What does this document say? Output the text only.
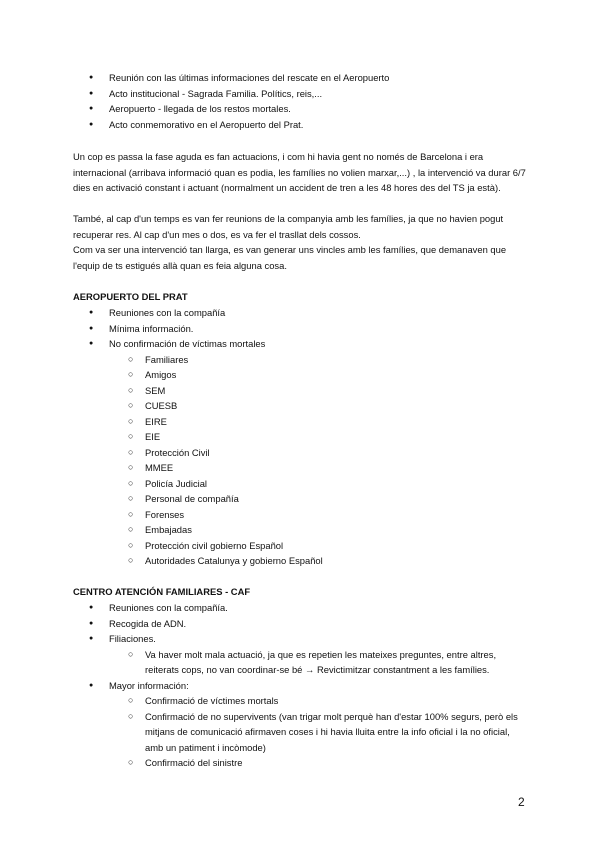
● Reunión con las últimas informaciones del rescate en el Aeropuerto
● Acto institucional - Sagrada Familia. Polítics, reis,...
● Aeropuerto - llegada de los restos mortales.
● Acto conmemorativo en el Aeropuerto del Prat.

Un cop es passa la fase aguda es fan actuacions, i com hi havia gent no només de Barcelona i era internacional (arribava informació quan es podia, les famílies no volien marxar,...) , la intervenció va durar 6/7 dies en activació constant i actuant (normalment un accident de tren a les 48 hores des del TS ja està).

També, al cap d'un temps es van fer reunions de la companyia amb les famílies, ja que no havien pogut recuperar res. Al cap d'un mes o dos, es va fer el trasllat dels cossos.

Com va ser una intervenció tan llarga, es van generar uns vincles amb les famílies, que demanaven que l'equip de ts estigués allà quan es feia alguna cosa.

AEROPUERTO DEL PRAT

● Reuniones con la compañía
● Mínima información.
● No confirmación de víctimas mortales
○ Familiares
○ Amigos
○ SEM
○ CUESB
○ EIRE
○ EIE
○ Protección Civil
○ MMEE
○ Policía Judicial
○ Personal de compañía
○ Forenses
○ Embajadas
○ Protección civil gobierno Español
○ Autoridades Catalunya y gobierno Español

CENTRO ATENCIÓN FAMILIARES - CAF

● Reuniones con la compañía.
● Recogida de ADN.
● Filiaciones.
○ Va haver molt mala actuació, ja que es repetien les mateixes preguntes, entre altres, reiterats cops, no van coordinar-se bé → Revictimitzar constantment a les famílies.
● Mayor información:
○ Confirmació de víctimes mortals
○ Confirmació de no supervivents (van trigar molt perquè han d'estar 100% segurs, però els mitjans de comunicació afirmaven coses i hi havia lluita entre la info oficial i la no oficial, amb un patiment i incòmode)
○ Confirmació del sinistre
2
